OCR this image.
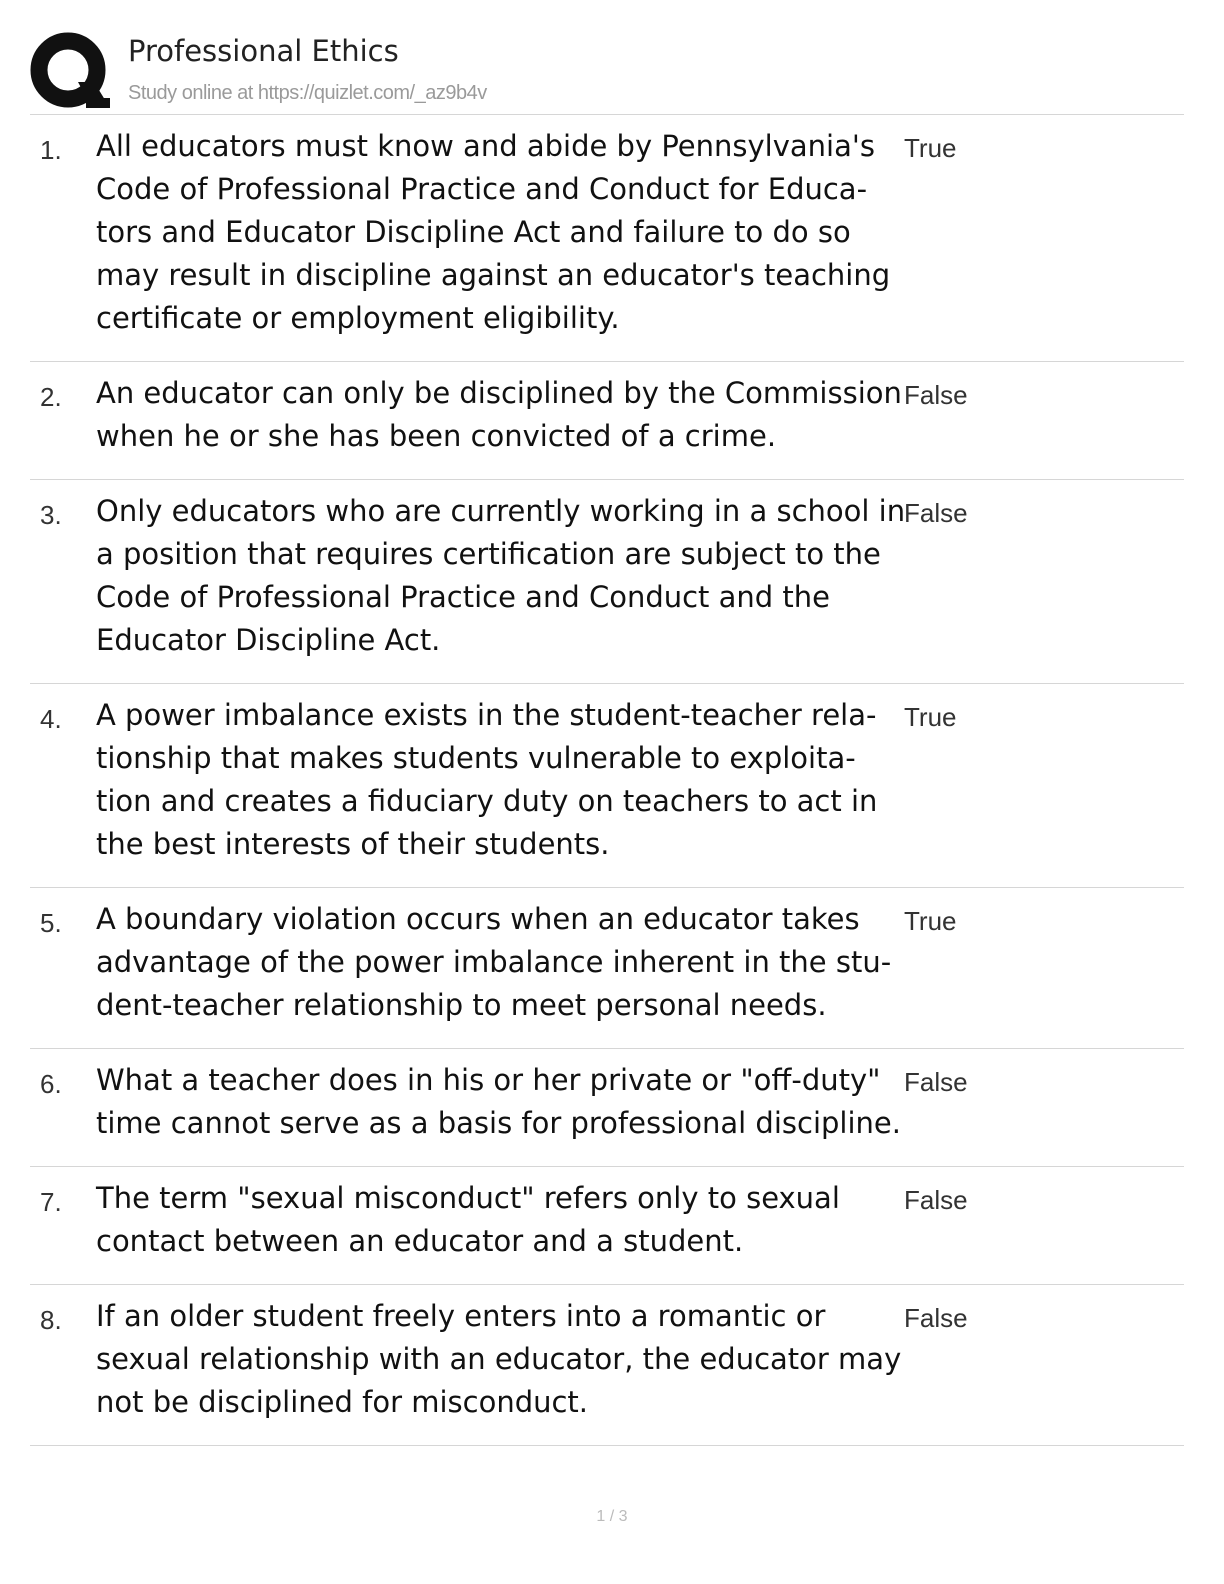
Professional Ethics
Study online at https://quizlet.com/_az9b4v
1. All educators must know and abide by Pennsylvania's Code of Professional Practice and Conduct for Educa-tors and Educator Discipline Act and failure to do so may result in discipline against an educator's teaching certificate or employment eligibility.
True
2. An educator can only be disciplined by the Commission when he or she has been convicted of a crime.
False
3. Only educators who are currently working in a school in a position that requires certification are subject to the Code of Professional Practice and Conduct and the Educator Discipline Act.
False
4. A power imbalance exists in the student-teacher rela-tionship that makes students vulnerable to exploita-tion and creates a fiduciary duty on teachers to act in the best interests of their students.
True
5. A boundary violation occurs when an educator takes advantage of the power imbalance inherent in the stu-dent-teacher relationship to meet personal needs.
True
6. What a teacher does in his or her private or "off-duty" time cannot serve as a basis for professional discipline.
False
7. The term "sexual misconduct" refers only to sexual contact between an educator and a student.
False
8. If an older student freely enters into a romantic or sexual relationship with an educator, the educator may not be disciplined for misconduct.
False
1 / 3
